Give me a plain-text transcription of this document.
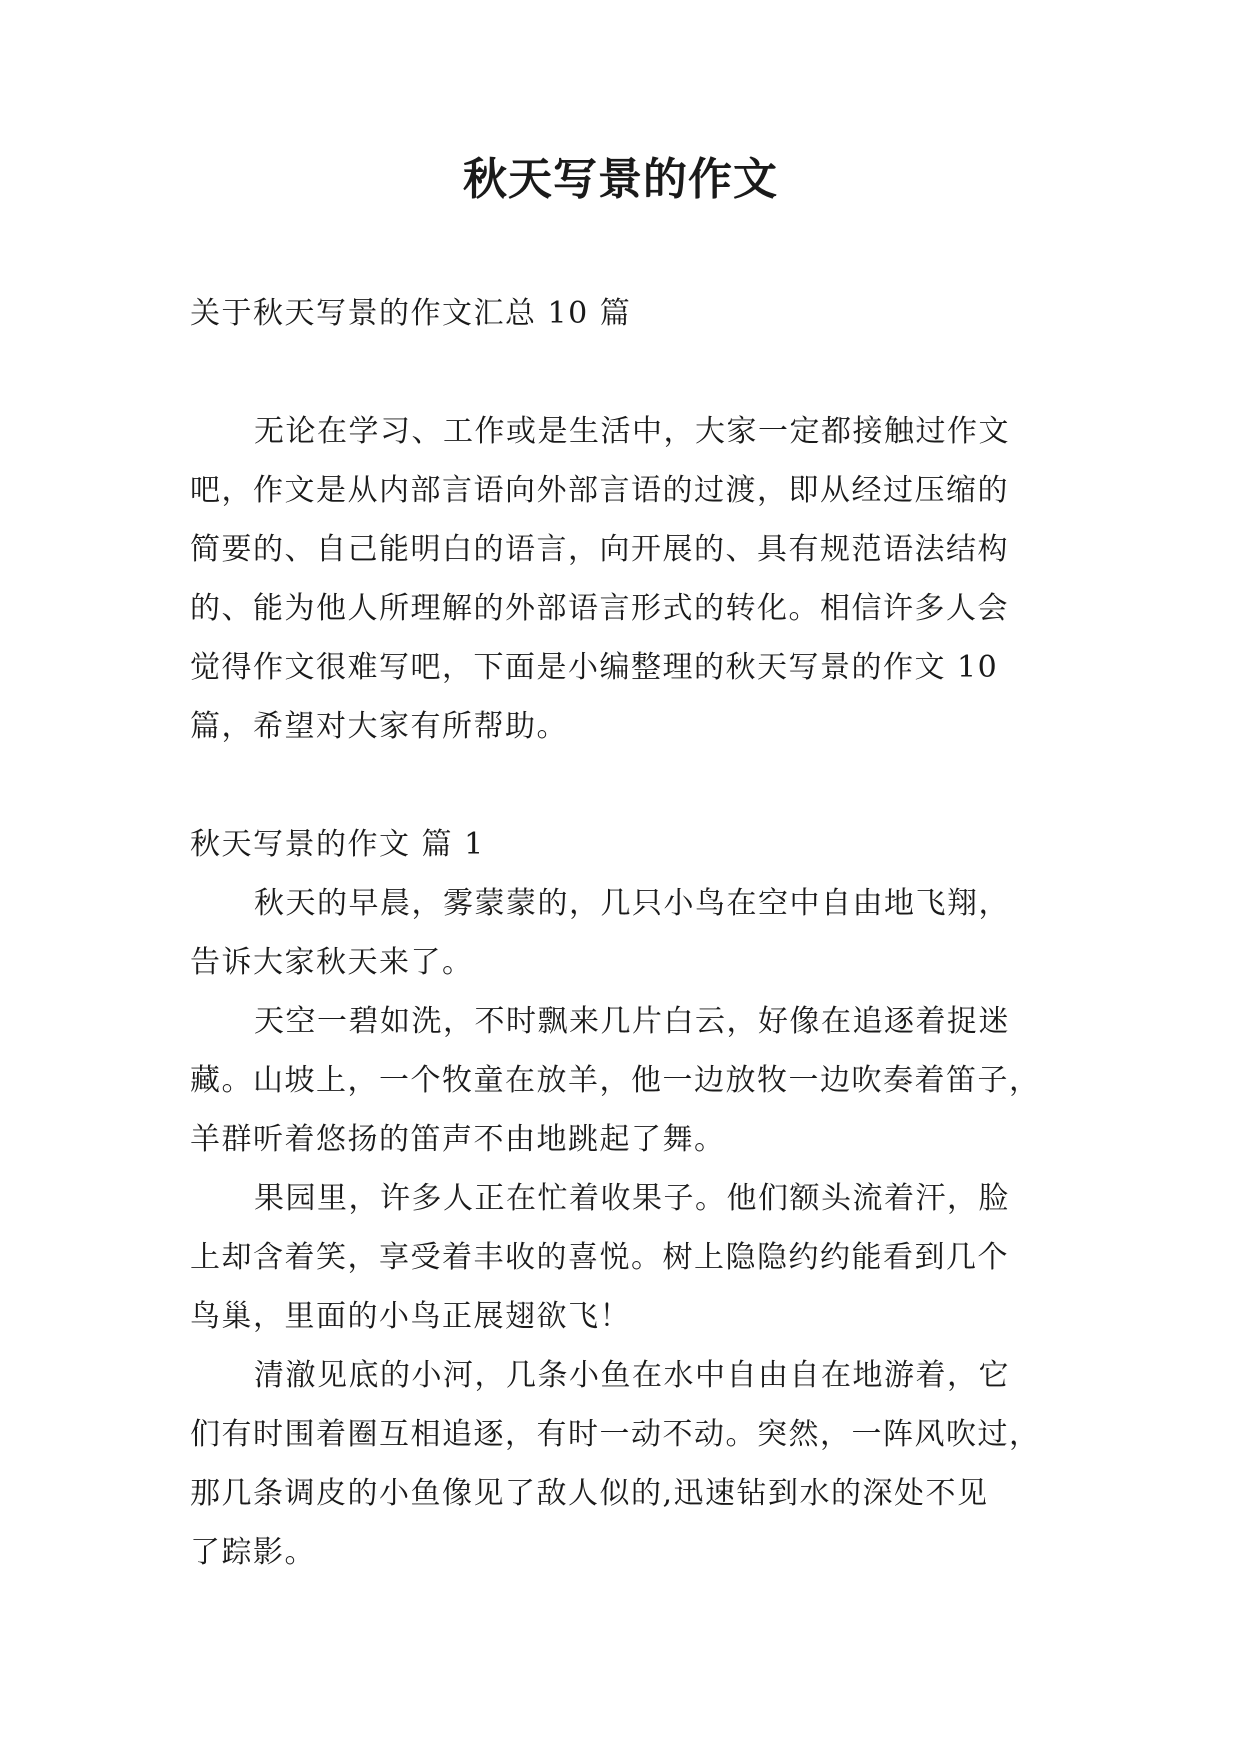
秋天写景的作文
关于秋天写景的作文汇总 10 篇
无论在学习、工作或是生活中，大家一定都接触过作文
吧，作文是从内部言语向外部言语的过渡，即从经过压缩的
简要的、自己能明白的语言，向开展的、具有规范语法结构
的、能为他人所理解的外部语言形式的转化。相信许多人会
觉得作文很难写吧，下面是小编整理的秋天写景的作文 10
篇，希望对大家有所帮助。
秋天写景的作文 篇 1
秋天的早晨，雾蒙蒙的，几只小鸟在空中自由地飞翔，
告诉大家秋天来了。
天空一碧如洗，不时飘来几片白云，好像在追逐着捉迷
藏。山坡上，一个牧童在放羊，他一边放牧一边吹奏着笛子，
羊群听着悠扬的笛声不由地跳起了舞。
果园里，许多人正在忙着收果子。他们额头流着汗，脸
上却含着笑，享受着丰收的喜悦。树上隐隐约约能看到几个
鸟巢，里面的小鸟正展翅欲飞！
清澈见底的小河，几条小鱼在水中自由自在地游着，它
们有时围着圈互相追逐，有时一动不动。突然，一阵风吹过，
那几条调皮的小鱼像见了敌人似的,迅速钻到水的深处不见
了踪影。
